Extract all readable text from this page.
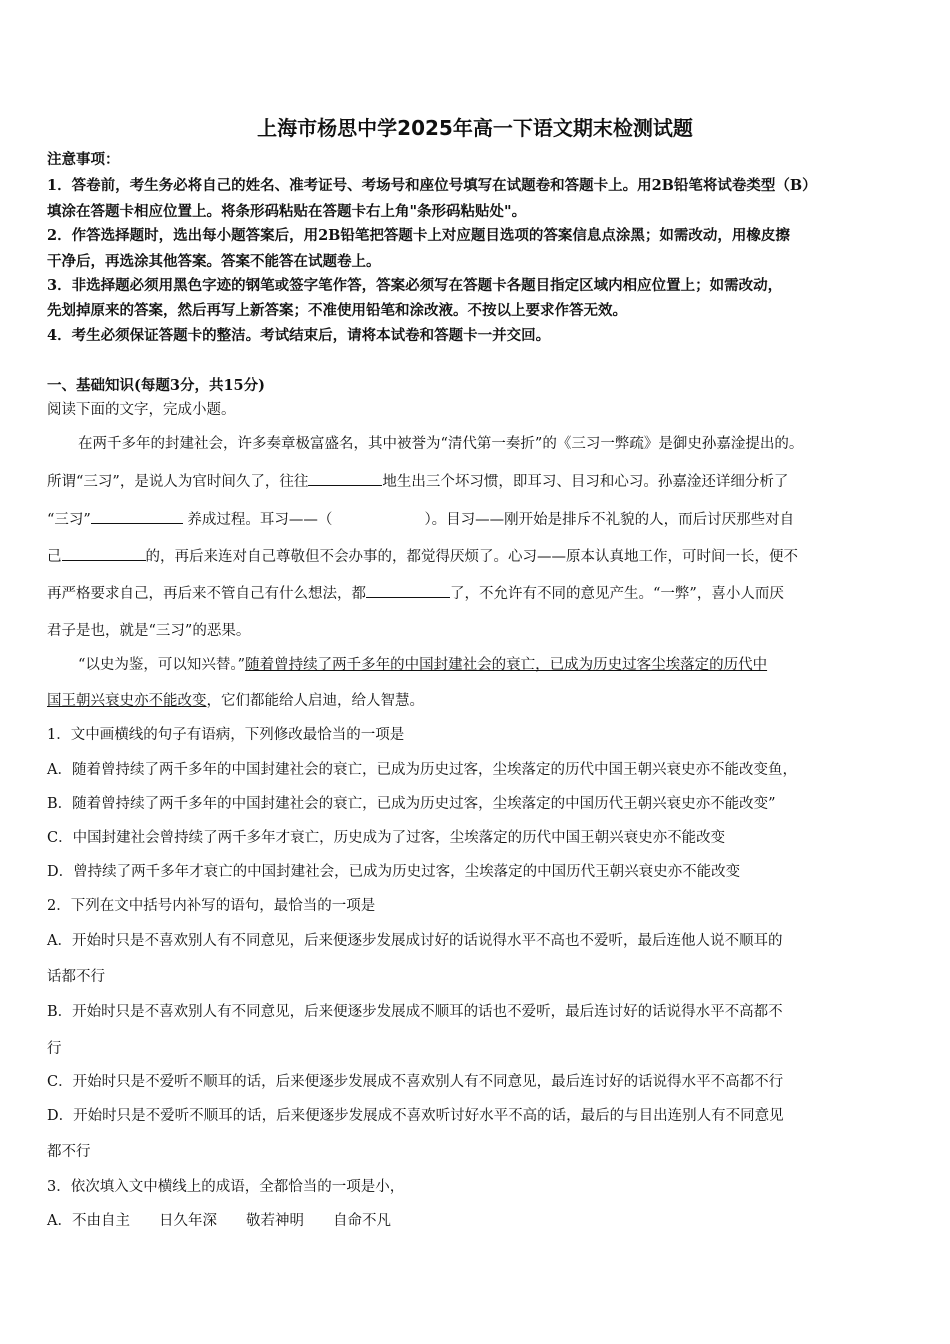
上海市杨思中学2025年高一下语文期末检测试题
注意事项：
1．答卷前，考生务必将自己的姓名、准考证号、考场号和座位号填写在试题卷和答题卡上。用2B铅笔将试卷类型（B）
填涂在答题卡相应位置上。将条形码粘贴在答题卡右上角"条形码粘贴处"。
2．作答选择题时，选出每小题答案后，用2B铅笔把答题卡上对应题目选项的答案信息点涂黑；如需改动，用橡皮擦
干净后，再选涂其他答案。答案不能答在试题卷上。
3．非选择题必须用黑色字迹的钢笔或签字笔作答，答案必须写在答题卡各题目指定区域内相应位置上；如需改动，
先划掉原来的答案，然后再写上新答案；不准使用铅笔和涂改液。不按以上要求作答无效。
4．考生必须保证答题卡的整洁。考试结束后，请将本试卷和答题卡一并交回。
一、基础知识(每题3分，共15分)
阅读下面的文字，完成小题。
在两千多年的封建社会，许多奏章极富盛名，其中被誉为“清代第一奏折”的《三习一弊疏》是御史孙嘉淦提出的。
所谓“三习”，是说人为官时间久了，往往	地生出三个坏习惯，即耳习、目习和心习。孙嘉淦还详细分析了
“三习”	养成过程。耳习——（	）。目习——刚开始是排斥不礼貌的人，而后讨厌那些对自
己	的，再后来连对自己尊敬但不会办事的，都觉得厌烦了。心习——原本认真地工作，可时间一长，便不
再严格要求自己，再后来不管自己有什么想法，都	了，不允许有不同的意见产生。“一弊”，喜小人而厌
君子是也，就是“三习”的恶果。
“以史为鉴，可以知兴替。”随着曾持续了两千多年的中国封建社会的衰亡，已成为历史过客尘埃落定的历代中
国王朝兴衰史亦不能改变，它们都能给人启迪，给人智慧。
1．文中画横线的句子有语病，下列修改最恰当的一项是
A．随着曾持续了两千多年的中国封建社会的衰亡，已成为历史过客，尘埃落定的历代中国王朝兴衰史亦不能改变鱼，
B．随着曾持续了两千多年的中国封建社会的衰亡，已成为历史过客，尘埃落定的中国历代王朝兴衰史亦不能改变”
C．中国封建社会曾持续了两千多年才衰亡，历史成为了过客，尘埃落定的历代中国王朝兴衰史亦不能改变
D．曾持续了两千多年才衰亡的中国封建社会，已成为历史过客，尘埃落定的中国历代王朝兴衰史亦不能改变
2．下列在文中括号内补写的语句，最恰当的一项是
A．开始时只是不喜欢别人有不同意见，后来便逐步发展成讨好的话说得水平不高也不爱听，最后连他人说不顺耳的
话都不行
B．开始时只是不喜欢别人有不同意见，后来便逐步发展成不顺耳的话也不爱听，最后连讨好的话说得水平不高都不
行
C．开始时只是不爱听不顺耳的话，后来便逐步发展成不喜欢别人有不同意见，最后连讨好的话说得水平不高都不行
D．开始时只是不爱听不顺耳的话，后来便逐步发展成不喜欢听讨好水平不高的话，最后的与目出连别人有不同意见
都不行
3．依次填入文中横线上的成语，全都恰当的一项是小，
A．不由自主　　日久年深　　敬若神明　　自命不凡
